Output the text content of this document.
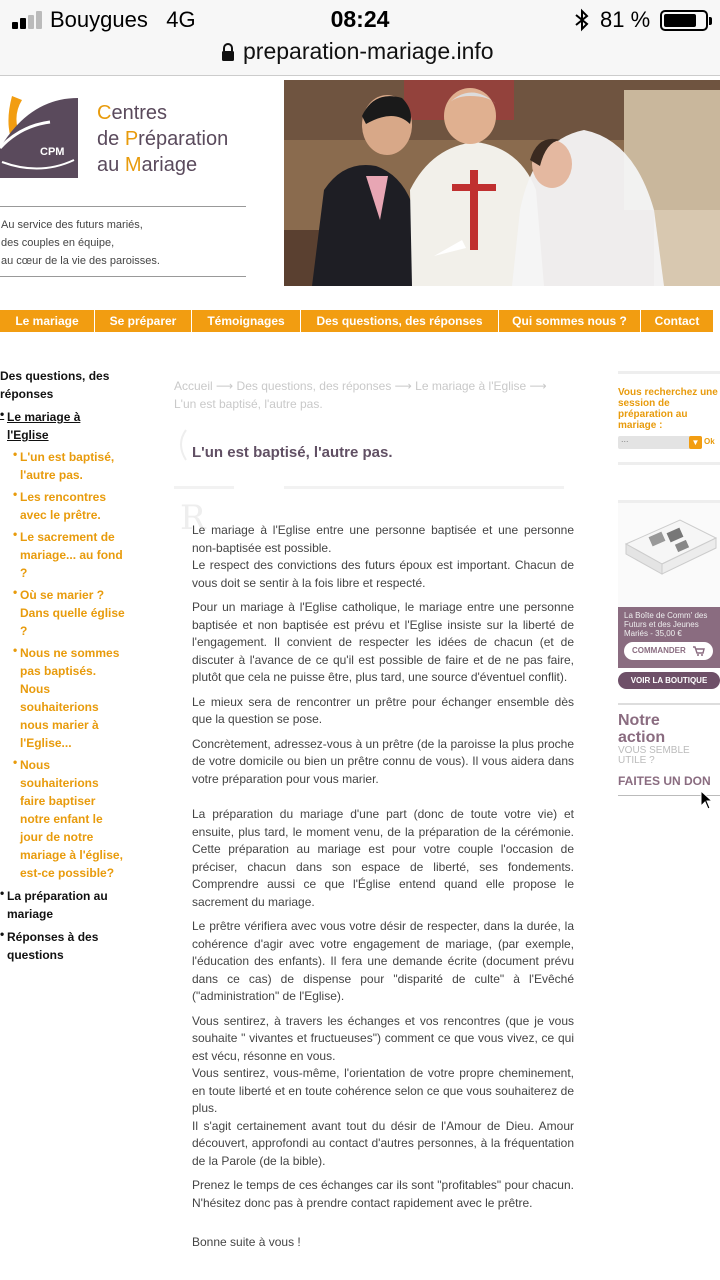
Bouygues 4G	08:24	81 %
preparation-mariage.info
CPM
Centres
de Préparation
au Mariage
Au service des futurs mariés,
des couples en équipe,
au cœur de la vie des paroisses.
Le mariage	Se préparer	Témoignages	Des questions, des réponses	Qui sommes nous ?	Contact
Des questions, des réponses
• Le mariage à l'Eglise
• L'un est baptisé, l'autre pas.
• Les rencontres avec le prêtre.
• Le sacrement de mariage... au fond ?
• Où se marier ? Dans quelle église ?
• Nous ne sommes pas baptisés. Nous souhaiterions nous marier à l'Eglise...
• Nous souhaiterions faire baptiser notre enfant le jour de notre mariage à l'église, est-ce possible?
• La préparation au mariage
• Réponses à des questions
Accueil ⟶ Des questions, des réponses ⟶ Le mariage à l'Eglise ⟶ L'un est baptisé, l'autre pas.
L'un est baptisé, l'autre pas.
R

Le mariage à l'Eglise entre une personne baptisée et une personne non-baptisée est possible.
Le respect des convictions des futurs époux est important. Chacun de vous doit se sentir à la fois libre et respecté.

Pour un mariage à l'Eglise catholique, le mariage entre une personne baptisée et non baptisée est prévu et l'Eglise insiste sur la liberté de l'engagement. Il convient de respecter les idées de chacun (et de discuter à l'avance de ce qu'il est possible de faire et de ne pas faire, plutôt que cela ne puisse être, plus tard, une source d'éventuel conflit).

Le mieux sera de rencontrer un prêtre pour échanger ensemble dès que la question se pose.

Concrètement, adressez-vous à un prêtre (de la paroisse la plus proche de votre domicile ou bien un prêtre connu de vous). Il vous aidera dans votre préparation pour vous marier.

La préparation du mariage d'une part (donc de toute votre vie) et ensuite, plus tard, le moment venu, de la préparation de la cérémonie. Cette préparation au mariage est pour votre couple l'occasion de préciser, chacun dans son espace de liberté, ses fondements. Comprendre aussi ce que l'Église entend quand elle propose le sacrement du mariage.

Le prêtre vérifiera avec vous votre désir de respecter, dans la durée, la cohérence d'agir avec votre engagement de mariage, (par exemple, l'éducation des enfants). Il fera une demande écrite (document prévu dans ce cas) de dispense pour "disparité de culte" à l'Evêché ("administration" de l'Eglise).

Vous sentirez, à travers les échanges et vos rencontres (que je vous souhaite " vivantes et fructueuses") comment ce que vous vivez, ce qui est vécu, résonne en vous.
Vous sentirez, vous-même, l'orientation de votre propre cheminement, en toute liberté et en toute cohérence selon ce que vous souhaiterez de plus.
Il s'agit certainement avant tout du désir de l'Amour de Dieu. Amour découvert, approfondi au contact d'autres personnes, à la fréquentation de la Parole (de la bible).

Prenez le temps de ces échanges car ils sont "profitables" pour chacun. N'hésitez donc pas à prendre contact rapidement avec le prêtre.

Bonne suite à vous !

Vous recherchez une session de préparation au mariage :
...	▼ Ok
La Boîte de Comm' des Futurs et des Jeunes Mariés - 35,00 €
COMMANDER
VOIR LA BOUTIQUE
Notre
action
VOUS SEMBLE UTILE ?
FAITES UN DON
